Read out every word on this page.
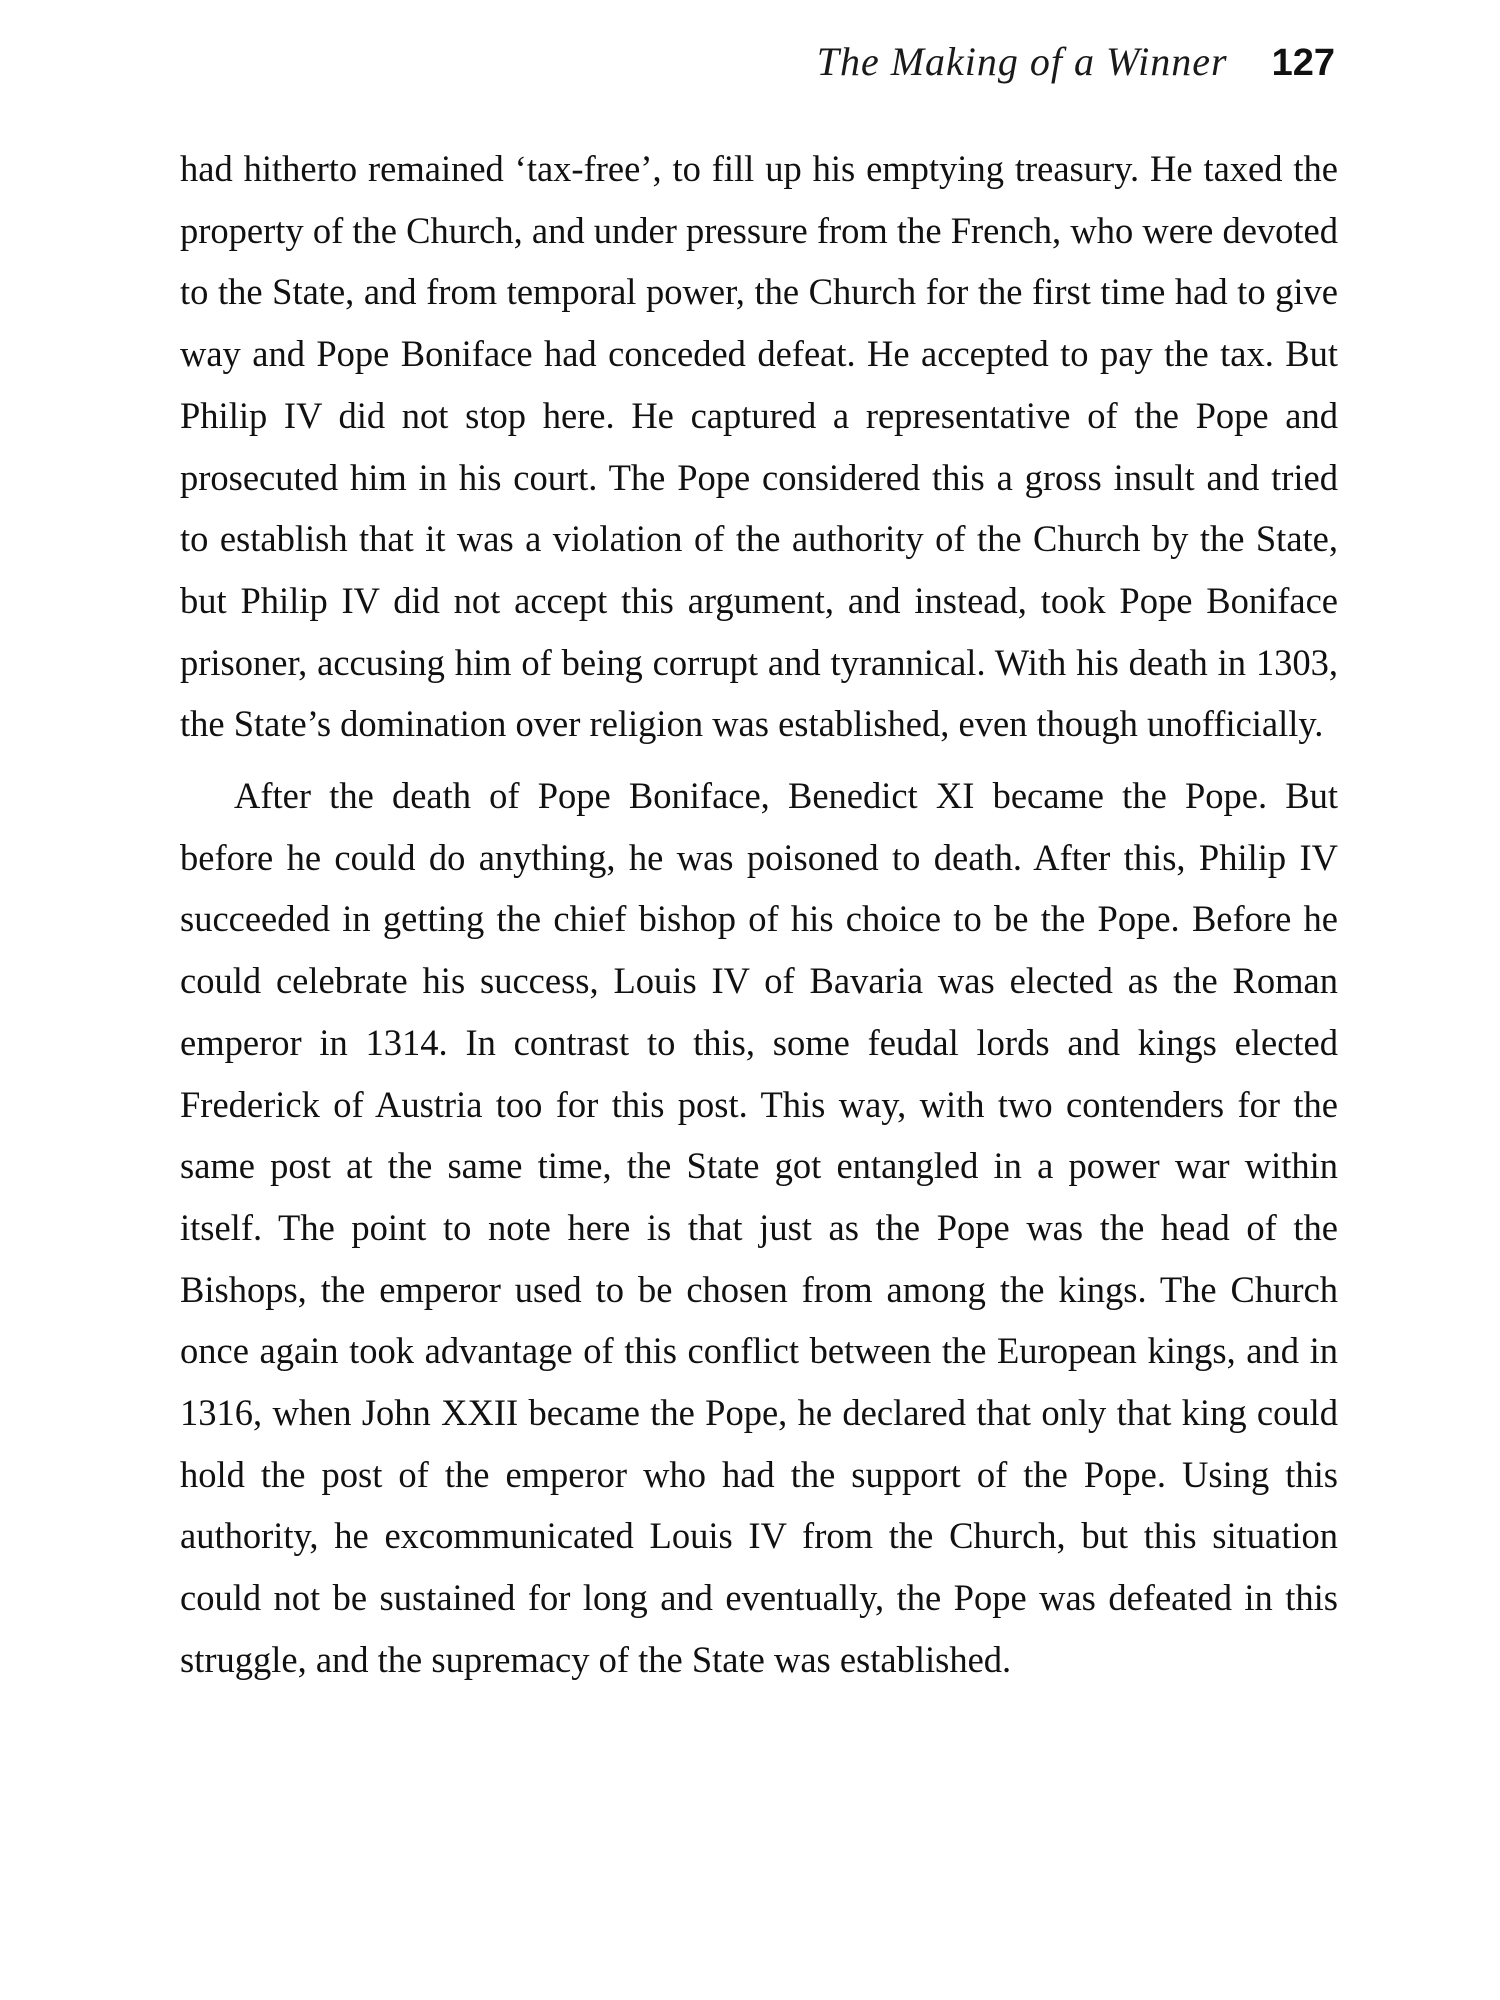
The Making of a Winner 127

had hitherto remained ‘tax-free’, to fill up his emptying treasury. He taxed the property of the Church, and under pressure from the French, who were devoted to the State, and from temporal power, the Church for the first time had to give way and Pope Boniface had conceded defeat. He accepted to pay the tax. But Philip IV did not stop here. He captured a representative of the Pope and prosecuted him in his court. The Pope considered this a gross insult and tried to establish that it was a violation of the authority of the Church by the State, but Philip IV did not accept this argument, and instead, took Pope Boniface prisoner, accusing him of being corrupt and tyrannical. With his death in 1303, the State’s domination over religion was established, even though unofficially.

After the death of Pope Boniface, Benedict XI became the Pope. But before he could do anything, he was poisoned to death. After this, Philip IV succeeded in getting the chief bishop of his choice to be the Pope. Before he could celebrate his success, Louis IV of Bavaria was elected as the Roman emperor in 1314. In contrast to this, some feudal lords and kings elected Frederick of Austria too for this post. This way, with two contenders for the same post at the same time, the State got entangled in a power war within itself. The point to note here is that just as the Pope was the head of the Bishops, the emperor used to be chosen from among the kings. The Church once again took advantage of this conflict between the European kings, and in 1316, when John XXII became the Pope, he declared that only that king could hold the post of the emperor who had the support of the Pope. Using this authority, he excommunicated Louis IV from the Church, but this situation could not be sustained for long and eventually, the Pope was defeated in this struggle, and the supremacy of the State was established.
